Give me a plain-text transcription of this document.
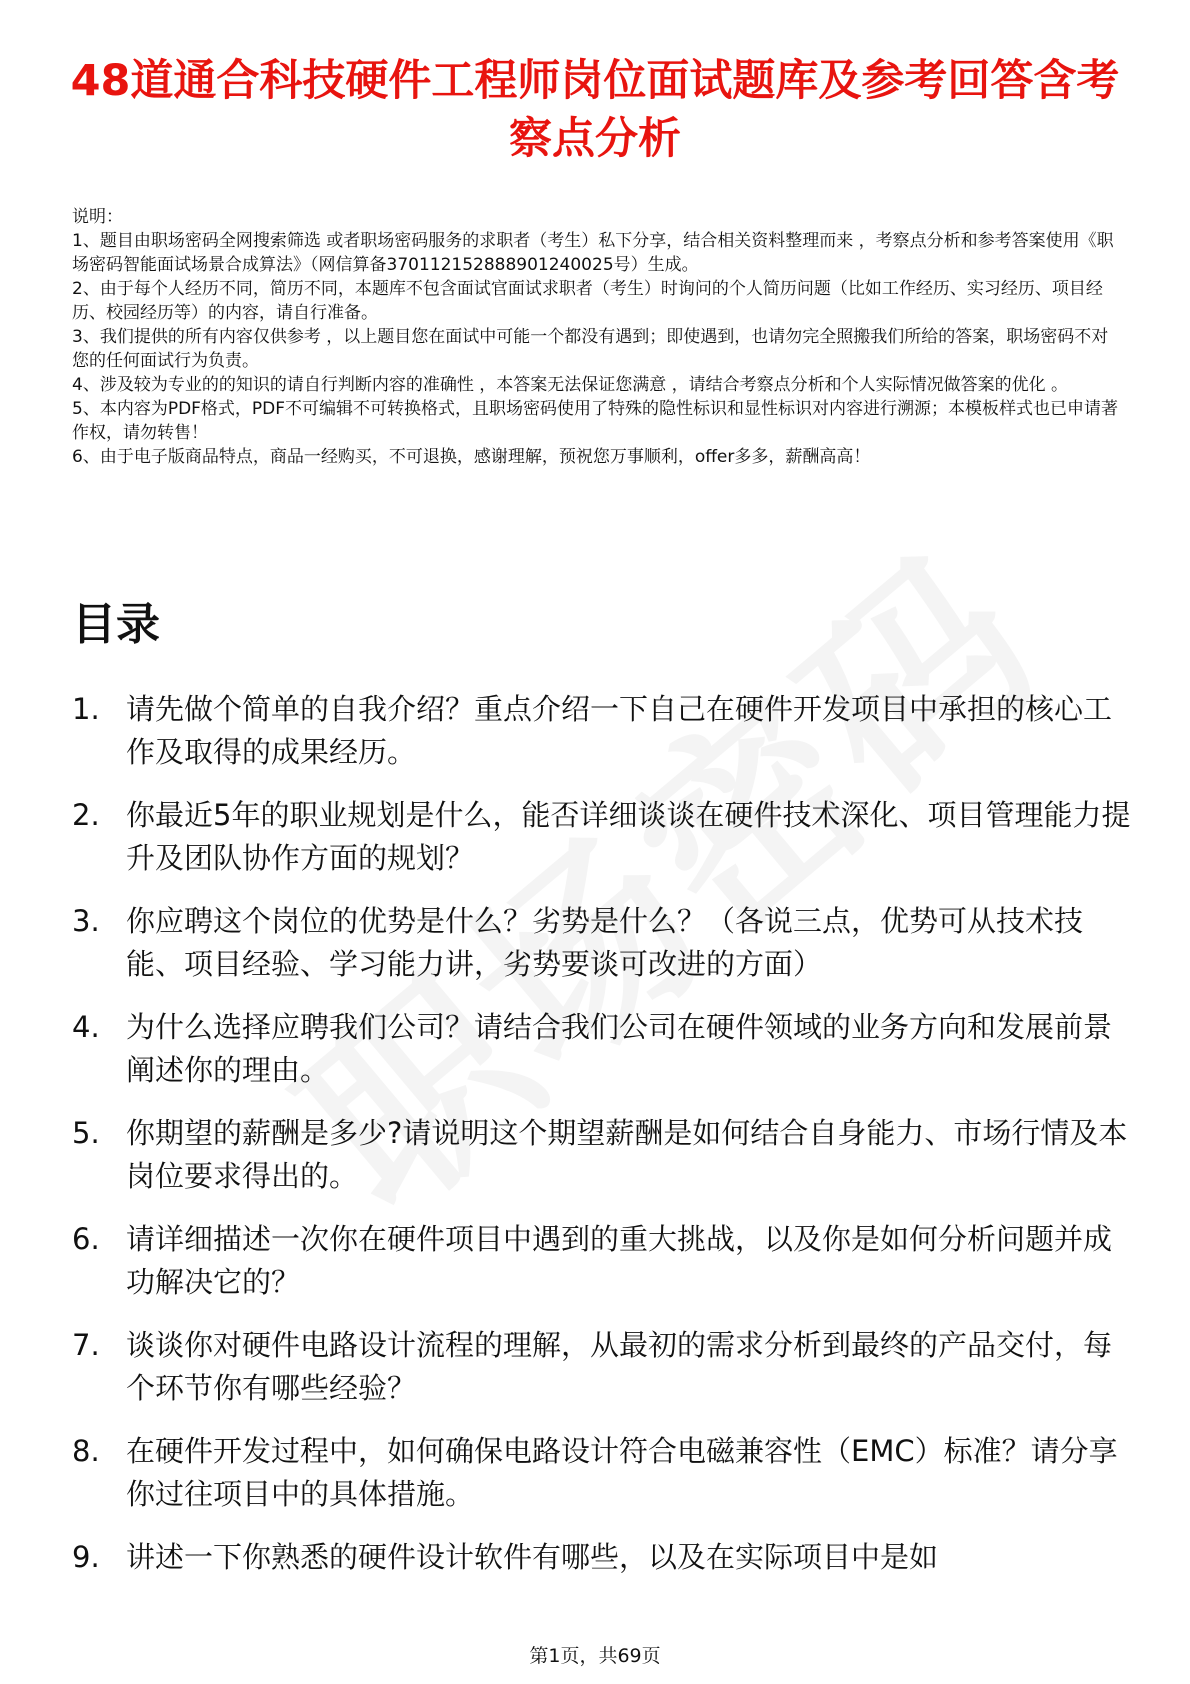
48道通合科技硬件工程师岗位面试题库及参考回答含考察点分析

说明：

1、题目由职场密码全网搜索筛选 或者职场密码服务的求职者（考生）私下分享，结合相关资料整理而来 ，考察点分析和参考答案使用《职场密码智能面试场景合成算法》（网信算备370112152888901240025号）生成。

2、由于每个人经历不同，简历不同，本题库不包含面试官面试求职者（考生）时询问的个人简历问题（比如工作经历、实习经历、项目经历、校园经历等）的内容，请自行准备。

3、我们提供的所有内容仅供参考 ，以上题目您在面试中可能一个都没有遇到；即使遇到，也请勿完全照搬我们所给的答案，职场密码不对您的任何面试行为负责。

4、涉及较为专业的的知识的请自行判断内容的准确性 ，本答案无法保证您满意 ，请结合考察点分析和个人实际情况做答案的优化 。

5、本内容为PDF格式，PDF不可编辑不可转换格式，且职场密码使用了特殊的隐性标识和显性标识对内容进行溯源；本模板样式也已申请著作权，请勿转售！

6、由于电子版商品特点，商品一经购买，不可退换，感谢理解，预祝您万事顺利，offer多多，薪酬高高！

目录
1. 请先做个简单的自我介绍？重点介绍一下自己在硬件开发项目中承担的核心工作及取得的成果经历。
2. 你最近5年的职业规划是什么，能否详细谈谈在硬件技术深化、项目管理能力提升及团队协作方面的规划？
3. 你应聘这个岗位的优势是什么？劣势是什么？（各说三点，优势可从技术技能、项目经验、学习能力讲，劣势要谈可改进的方面）
4. 为什么选择应聘我们公司？请结合我们公司在硬件领域的业务方向和发展前景阐述你的理由。
5. 你期望的薪酬是多少?请说明这个期望薪酬是如何结合自身能力、市场行情及本岗位要求得出的。
6. 请详细描述一次你在硬件项目中遇到的重大挑战，以及你是如何分析问题并成功解决它的？
7. 谈谈你对硬件电路设计流程的理解，从最初的需求分析到最终的产品交付，每个环节你有哪些经验？
8. 在硬件开发过程中，如何确保电路设计符合电磁兼容性（EMC）标准？请分享你过往项目中的具体措施。
9. 讲述一下你熟悉的硬件设计软件有哪些，以及在实际项目中是如
第1页，共69页
